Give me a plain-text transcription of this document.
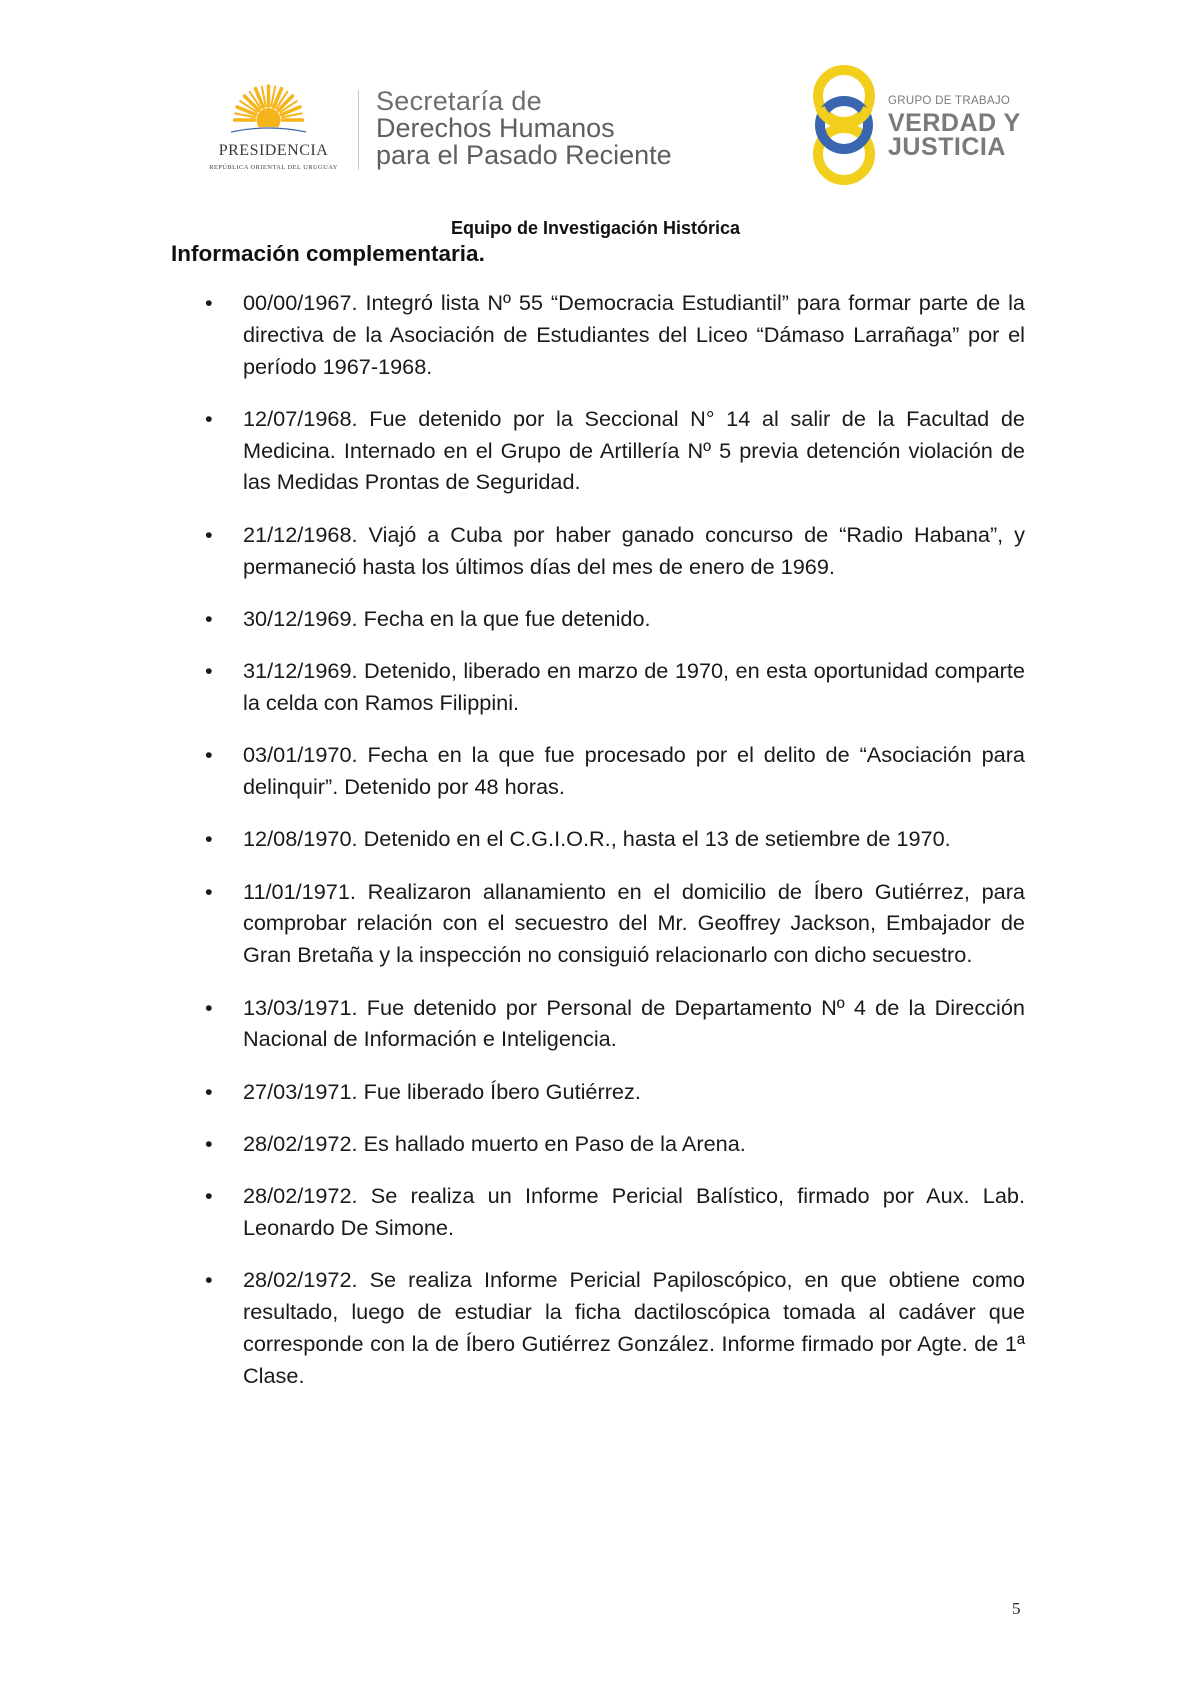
PRESIDENCIA
REPÚBLICA ORIENTAL DEL URUGUAY
Secretaría de
Derechos Humanos
para el Pasado Reciente
GRUPO DE TRABAJO
VERDAD Y
JUSTICIA
Equipo de Investigación Histórica
Información complementaria.
• 00/00/1967. Integró lista Nº 55 “Democracia Estudiantil” para formar parte de la directiva de la Asociación de Estudiantes del Liceo “Dámaso Larrañaga” por el período 1967-1968.
• 12/07/1968. Fue detenido por la Seccional N° 14 al salir de la Facultad de Medicina. Internado en el Grupo de Artillería Nº 5 previa detención violación de las Medidas Prontas de Seguridad.
• 21/12/1968. Viajó a Cuba por haber ganado concurso de “Radio Habana”, y permaneció hasta los últimos días del mes de enero de 1969.
• 30/12/1969. Fecha en la que fue detenido.
• 31/12/1969. Detenido, liberado en marzo de 1970, en esta oportunidad comparte la celda con Ramos Filippini.
• 03/01/1970. Fecha en la que fue procesado por el delito de “Asociación para delinquir”. Detenido por 48 horas.
• 12/08/1970. Detenido en el C.G.I.O.R., hasta el 13 de setiembre de 1970.
• 11/01/1971. Realizaron allanamiento en el domicilio de Íbero Gutiérrez, para comprobar relación con el secuestro del Mr. Geoffrey Jackson, Embajador de Gran Bretaña y la inspección no consiguió relacionarlo con dicho secuestro.
• 13/03/1971. Fue detenido por Personal de Departamento Nº 4 de la Dirección Nacional de Información e Inteligencia.
• 27/03/1971. Fue liberado Íbero Gutiérrez.
• 28/02/1972. Es hallado muerto en Paso de la Arena.
• 28/02/1972. Se realiza un Informe Pericial Balístico, firmado por Aux. Lab. Leonardo De Simone.
• 28/02/1972. Se realiza Informe Pericial Papiloscópico, en que obtiene como resultado, luego de estudiar la ficha dactiloscópica tomada al cadáver que corresponde con la de Íbero Gutiérrez González. Informe firmado por Agte. de 1ª Clase.
5
